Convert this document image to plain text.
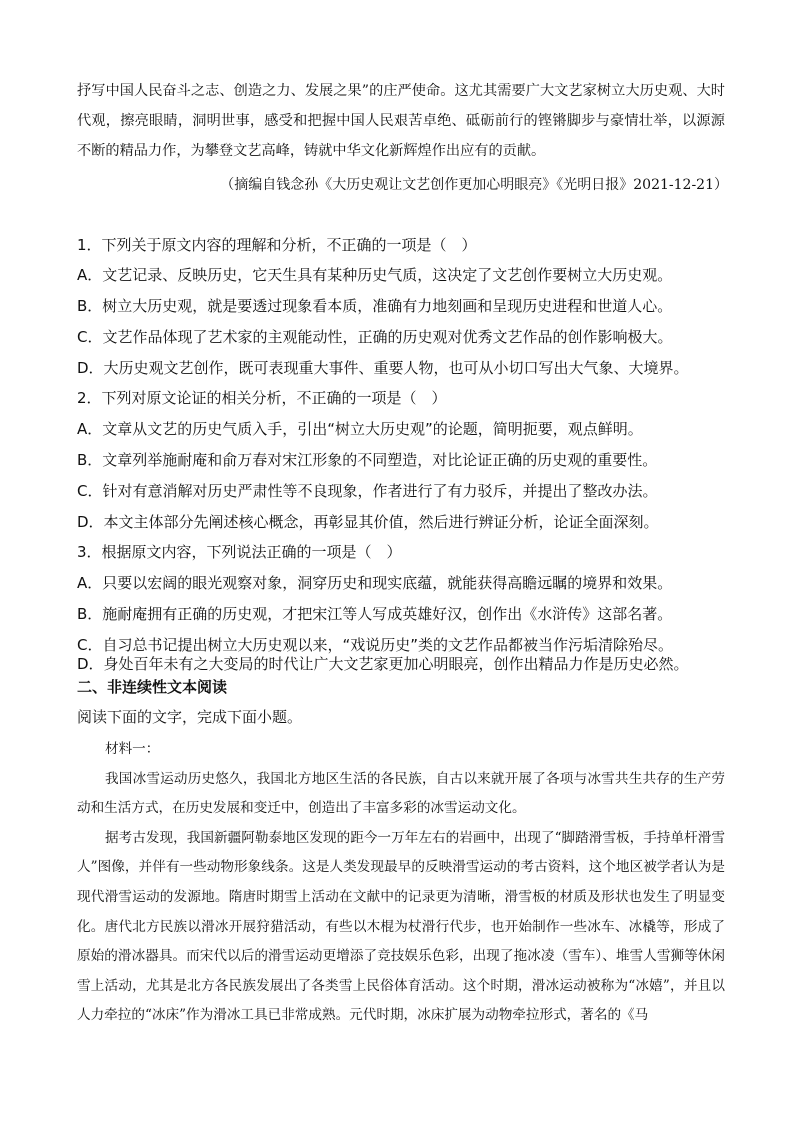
抒写中国人民奋斗之志、创造之力、发展之果”的庄严使命。这尤其需要广大文艺家树立大历史观、大时代观，擦亮眼睛，洞明世事，感受和把握中国人民艰苦卓绝、砥砺前行的铿锵脚步与豪情壮举，以源源不断的精品力作，为攀登文艺高峰，铸就中华文化新辉煌作出应有的贡献。

（摘编自钱念孙《大历史观让文艺创作更加心明眼亮》《光明日报》2021-12-21）
1．下列关于原文内容的理解和分析，不正确的一项是（　）
A．文艺记录、反映历史，它天生具有某种历史气质，这决定了文艺创作要树立大历史观。
B．树立大历史观，就是要透过现象看本质，准确有力地刻画和呈现历史进程和世道人心。
C．文艺作品体现了艺术家的主观能动性，正确的历史观对优秀文艺作品的创作影响极大。
D．大历史观文艺创作，既可表现重大事件、重要人物，也可从小切口写出大气象、大境界。
2．下列对原文论证的相关分析，不正确的一项是（　）
A．文章从文艺的历史气质入手，引出“树立大历史观”的论题，简明扼要，观点鲜明。
B．文章列举施耐庵和俞万春对宋江形象的不同塑造，对比论证正确的历史观的重要性。
C．针对有意消解对历史严肃性等不良现象，作者进行了有力驳斥，并提出了整改办法。
D．本文主体部分先阐述核心概念，再彰显其价值，然后进行辨证分析，论证全面深刻。
3．根据原文内容，下列说法正确的一项是（　）
A．只要以宏阔的眼光观察对象，洞穿历史和现实底蕴，就能获得高瞻远瞩的境界和效果。
B．施耐庵拥有正确的历史观，才把宋江等人写成英雄好汉，创作出《水浒传》这部名著。
C．自习总书记提出树立大历史观以来，“戏说历史”类的文艺作品都被当作污垢清除殆尽。
D．身处百年未有之大变局的时代让广大文艺家更加心明眼亮，创作出精品力作是历史必然。
二、非连续性文本阅读
阅读下面的文字，完成下面小题。

材料一：

我国冰雪运动历史悠久，我国北方地区生活的各民族，自古以来就开展了各项与冰雪共生共存的生产劳动和生活方式，在历史发展和变迁中，创造出了丰富多彩的冰雪运动文化。

据考古发现，我国新疆阿勒泰地区发现的距今一万年左右的岩画中，出现了“脚踏滑雪板，手持单杆滑雪人”图像，并伴有一些动物形象线条。这是人类发现最早的反映滑雪运动的考古资料，这个地区被学者认为是现代滑雪运动的发源地。隋唐时期雪上活动在文献中的记录更为清晰，滑雪板的材质及形状也发生了明显变化。唐代北方民族以滑冰开展狩猎活动，有些以木棍为杖滑行代步，也开始制作一些冰车、冰橇等，形成了原始的滑冰器具。而宋代以后的滑雪运动更增添了竞技娱乐色彩，出现了拖冰凌（雪车）、堆雪人雪狮等休闲雪上活动，尤其是北方各民族发展出了各类雪上民俗体育活动。这个时期，滑冰运动被称为“冰嬉”，并且以人力牵拉的“冰床”作为滑冰工具已非常成熟。元代时期，冰床扩展为动物牵拉形式，著名的《马
